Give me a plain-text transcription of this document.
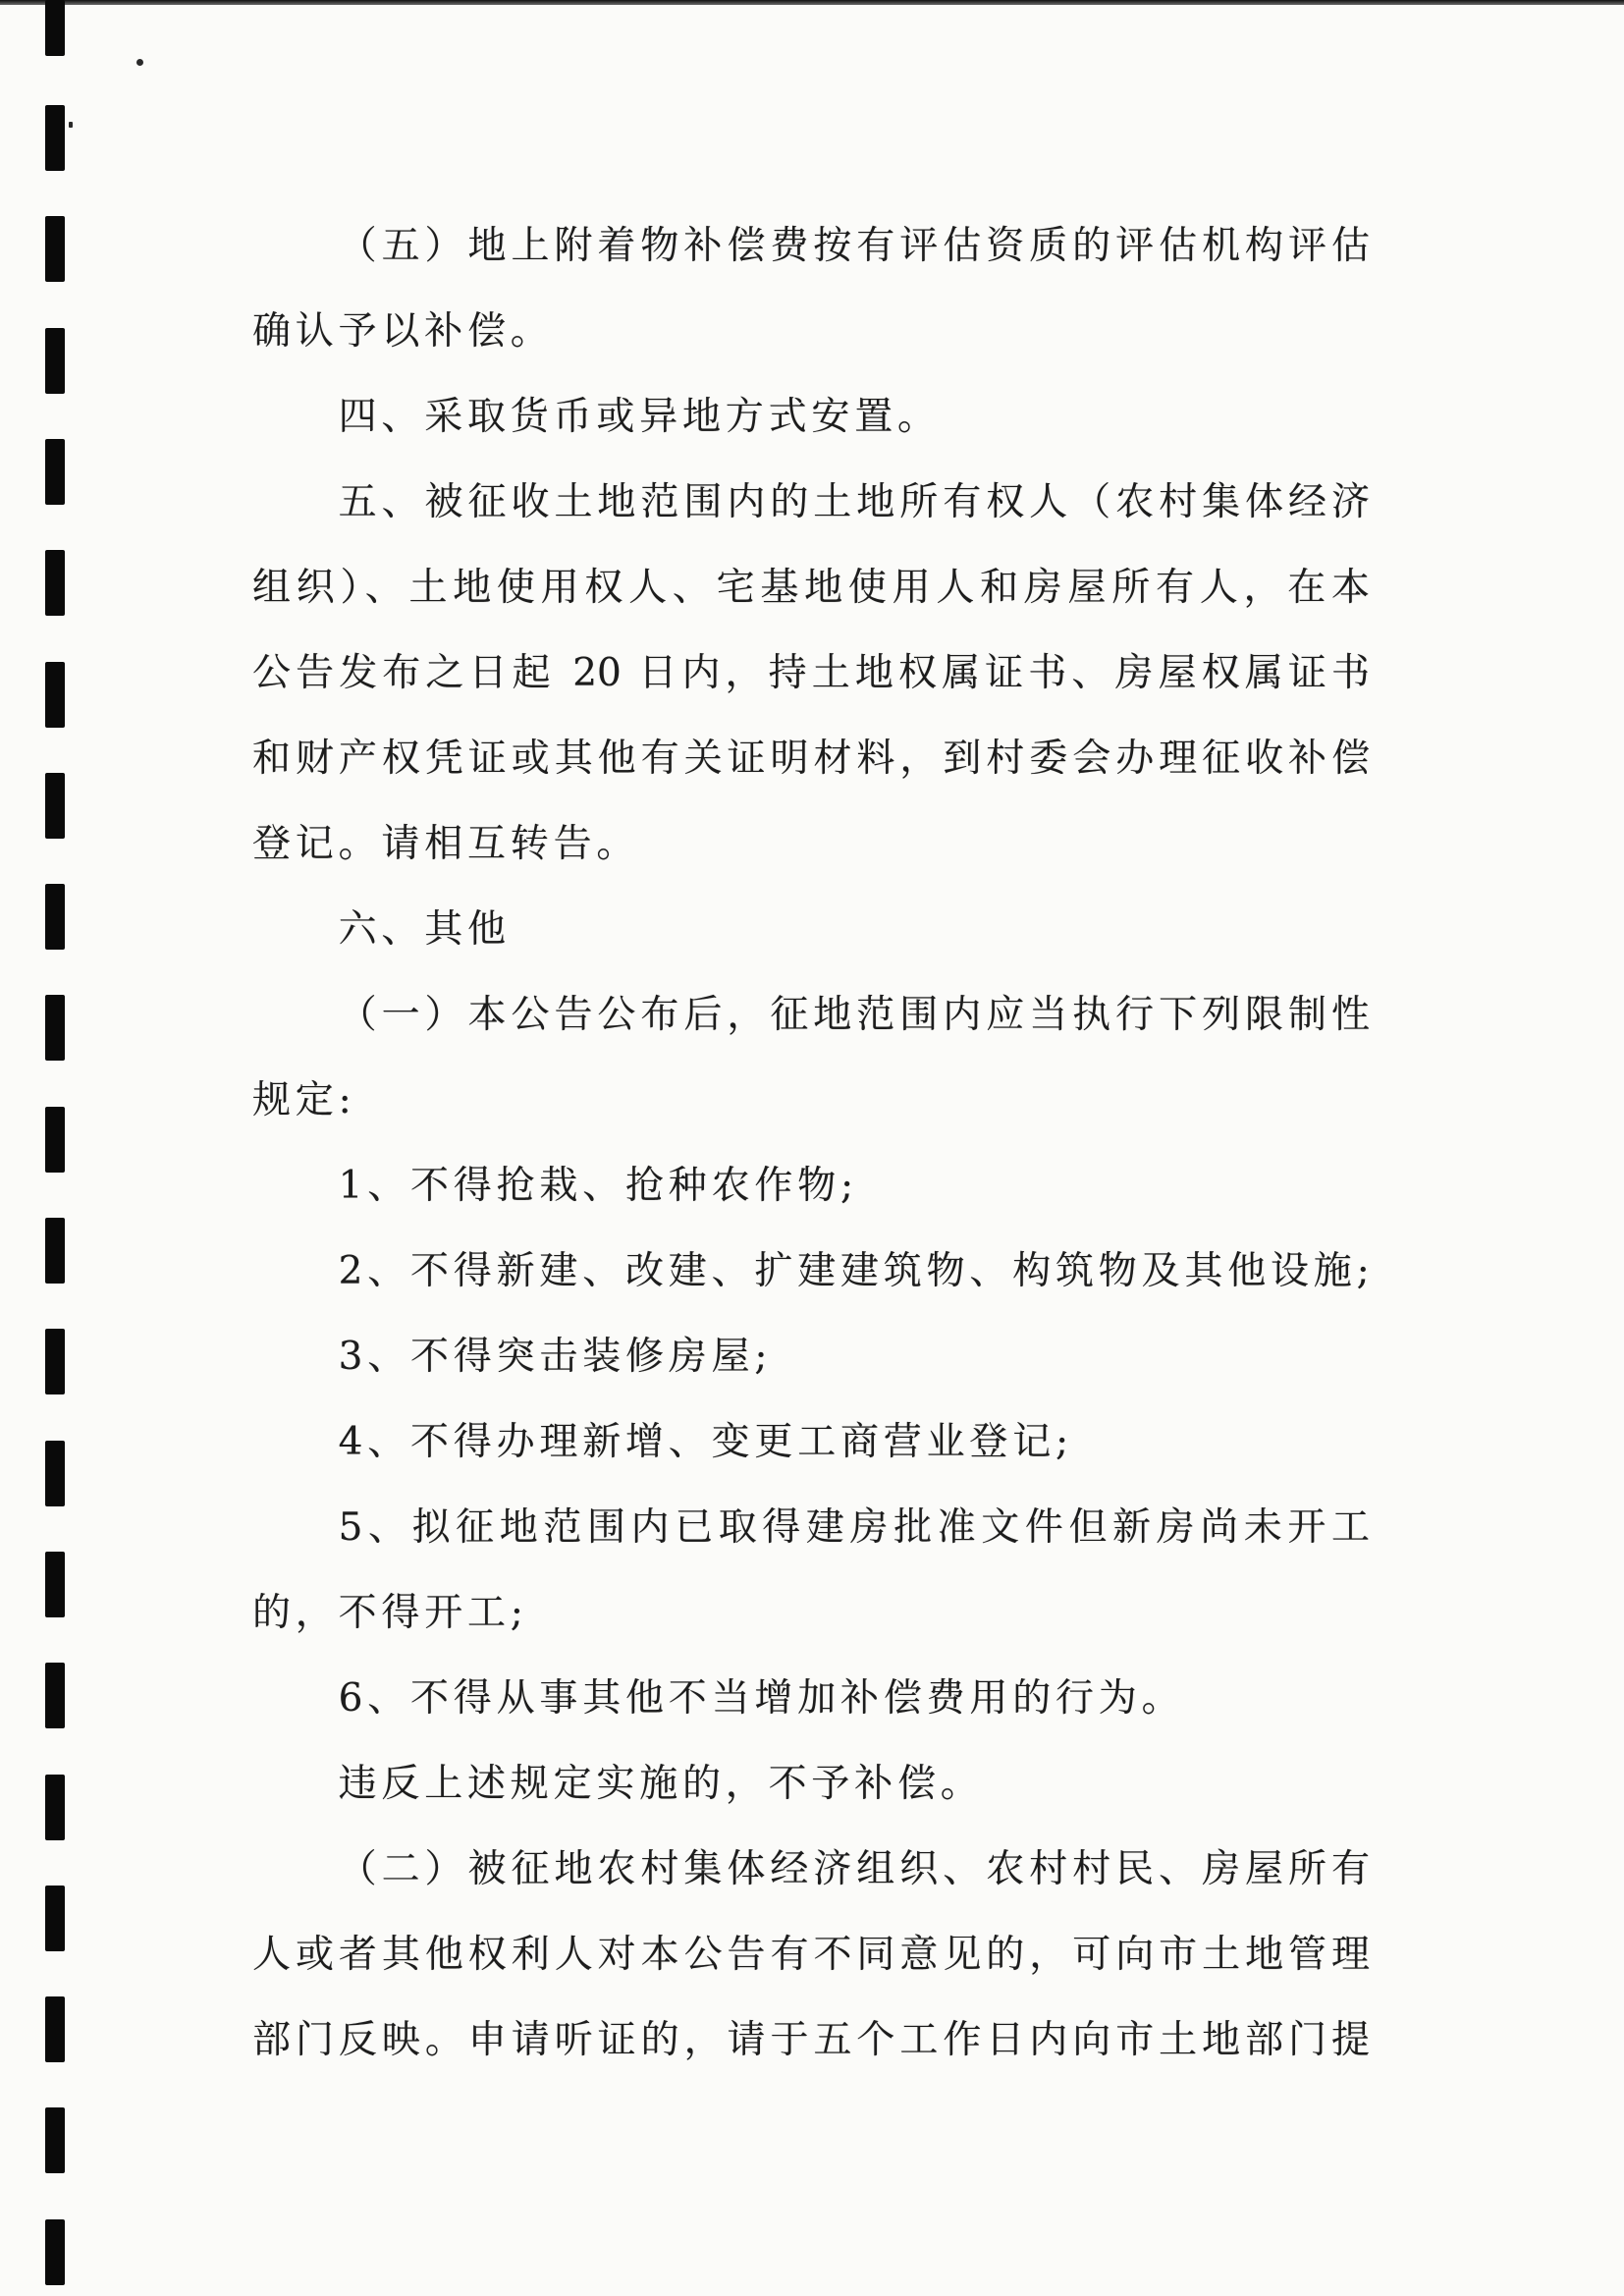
（五）地上附着物补偿费按有评估资质的评估机构评估
确认予以补偿。
四、采取货币或异地方式安置。
五、被征收土地范围内的土地所有权人（农村集体经济
组织）、土地使用权人、宅基地使用人和房屋所有人，在本
公告发布之日起 20 日内，持土地权属证书、房屋权属证书
和财产权凭证或其他有关证明材料，到村委会办理征收补偿
登记。请相互转告。
六、其他
（一）本公告公布后，征地范围内应当执行下列限制性
规定:
1、不得抢栽、抢种农作物;
2、不得新建、改建、扩建建筑物、构筑物及其他设施;
3、不得突击装修房屋;
4、不得办理新增、变更工商营业登记;
5、拟征地范围内已取得建房批准文件但新房尚未开工
的，不得开工;
6、不得从事其他不当增加补偿费用的行为。
违反上述规定实施的，不予补偿。
（二）被征地农村集体经济组织、农村村民、房屋所有
人或者其他权利人对本公告有不同意见的，可向市土地管理
部门反映。申请听证的，请于五个工作日内向市土地部门提
